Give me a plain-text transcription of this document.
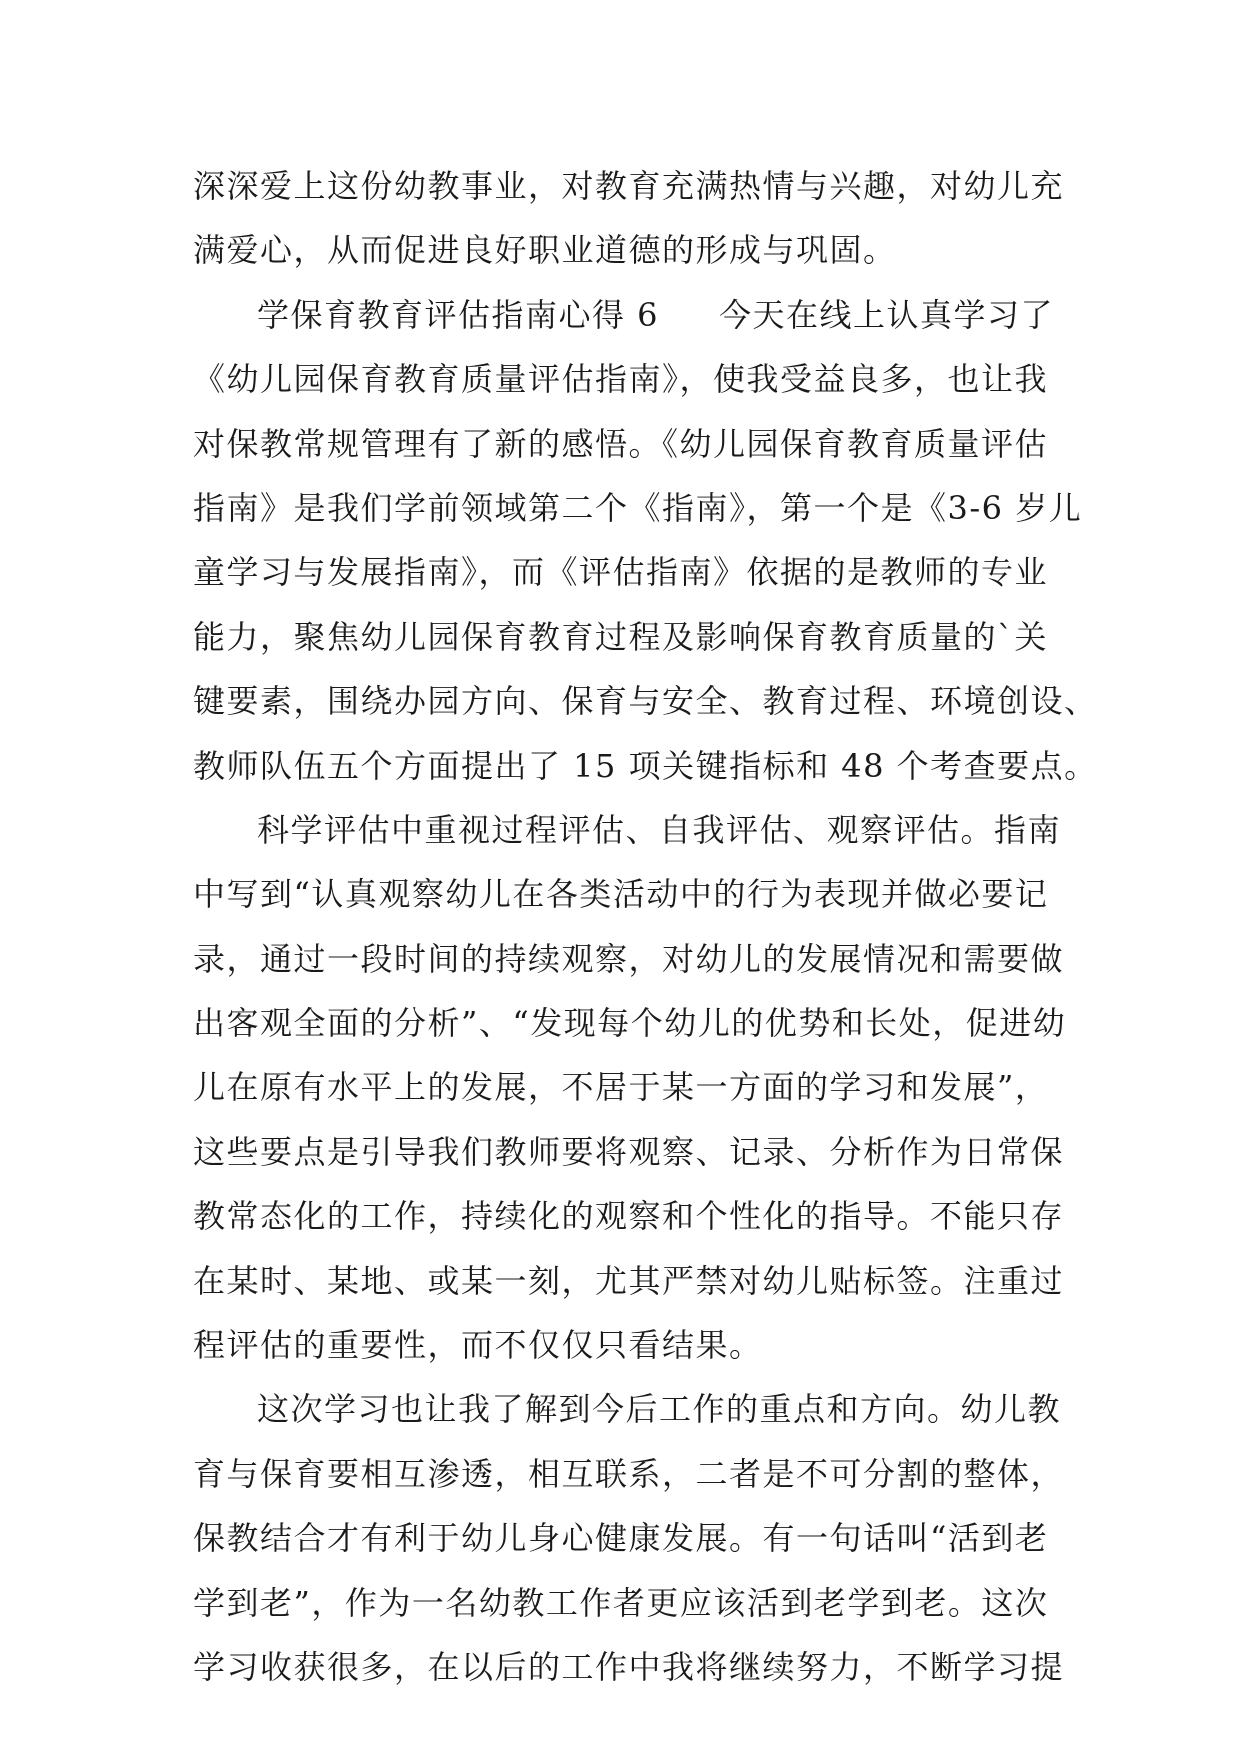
深深爱上这份幼教事业，对教育充满热情与兴趣，对幼儿充
满爱心，从而促进良好职业道德的形成与巩固。
学保育教育评估指南心得 6 今天在线上认真学习了
《幼儿园保育教育质量评估指南》，使我受益良多，也让我
对保教常规管理有了新的感悟。《幼儿园保育教育质量评估
指南》是我们学前领域第二个《指南》，第一个是《3-6 岁儿
童学习与发展指南》，而《评估指南》依据的是教师的专业
能力，聚焦幼儿园保育教育过程及影响保育教育质量的`关
键要素，围绕办园方向、保育与安全、教育过程、环境创设、
教师队伍五个方面提出了 15 项关键指标和 48 个考查要点。
科学评估中重视过程评估、自我评估、观察评估。指南
中写到“认真观察幼儿在各类活动中的行为表现并做必要记
录，通过一段时间的持续观察，对幼儿的发展情况和需要做
出客观全面的分析”、“发现每个幼儿的优势和长处，促进幼
儿在原有水平上的发展，不居于某一方面的学习和发展”，
这些要点是引导我们教师要将观察、记录、分析作为日常保
教常态化的工作，持续化的观察和个性化的指导。不能只存
在某时、某地、或某一刻，尤其严禁对幼儿贴标签。注重过
程评估的重要性，而不仅仅只看结果。
这次学习也让我了解到今后工作的重点和方向。幼儿教
育与保育要相互渗透，相互联系，二者是不可分割的整体，
保教结合才有利于幼儿身心健康发展。有一句话叫“活到老
学到老”，作为一名幼教工作者更应该活到老学到老。这次
学习收获很多，在以后的工作中我将继续努力，不断学习提
